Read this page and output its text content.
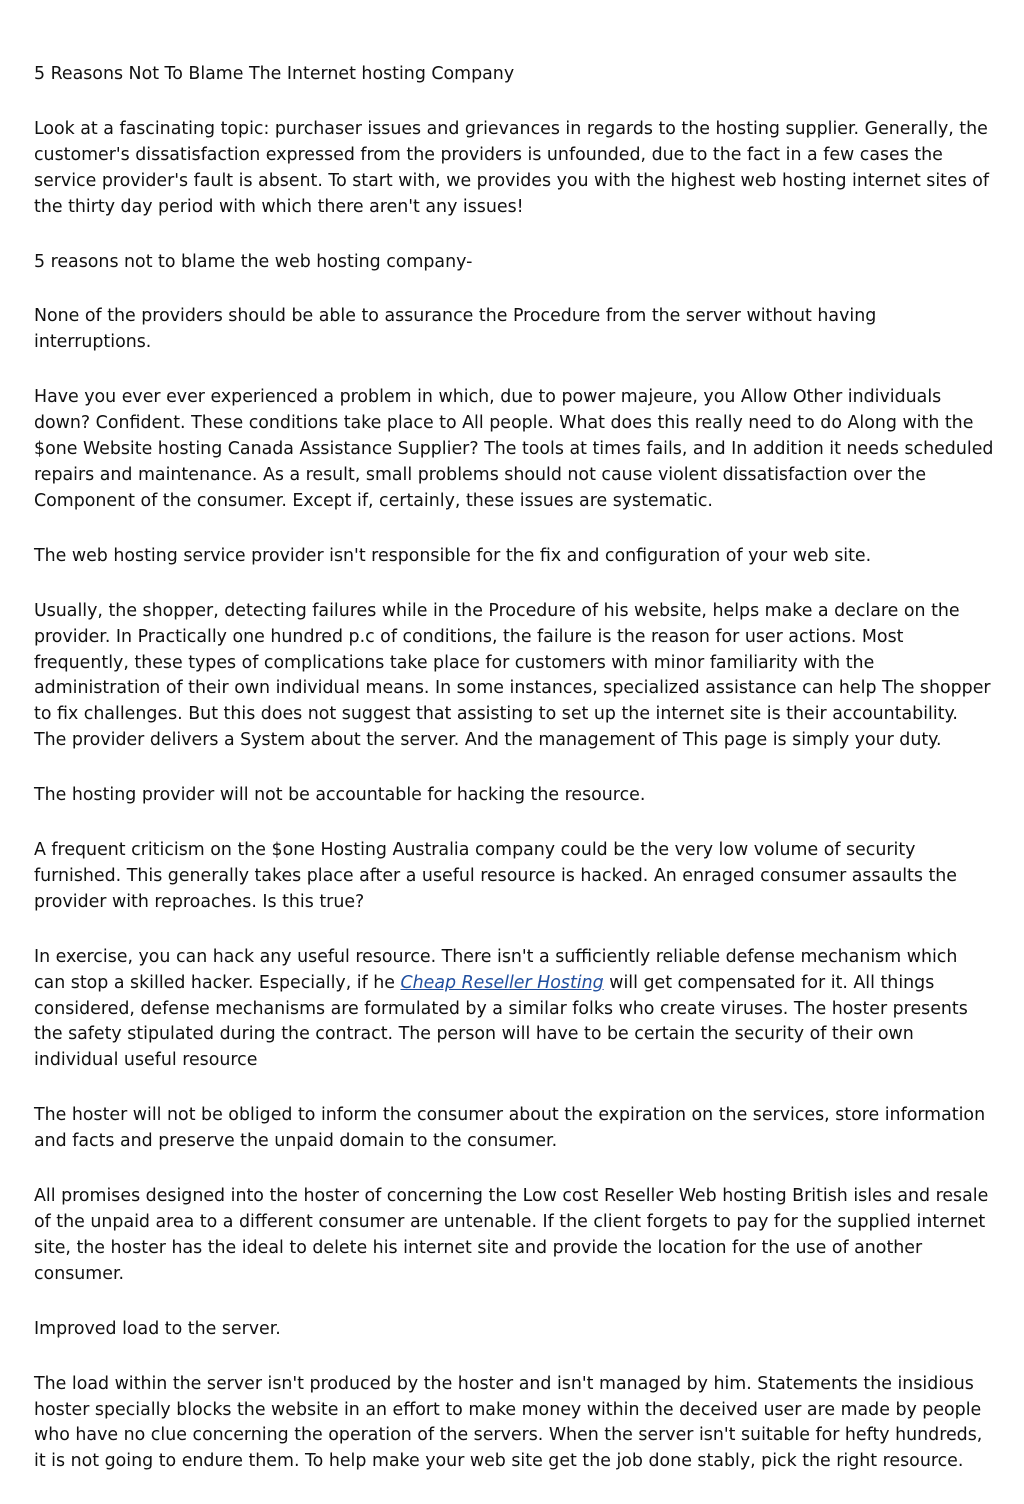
5 Reasons Not To Blame The Internet hosting Company

Look at a fascinating topic: purchaser issues and grievances in regards to the hosting supplier. Generally, the customer's dissatisfaction expressed from the providers is unfounded, due to the fact in a few cases the service provider's fault is absent. To start with, we provides you with the highest web hosting internet sites of the thirty day period with which there aren't any issues!

5 reasons not to blame the web hosting company-

None of the providers should be able to assurance the Procedure from the server without having interruptions.

Have you ever ever experienced a problem in which, due to power majeure, you Allow Other individuals down? Confident. These conditions take place to All people. What does this really need to do Along with the $one Website hosting Canada Assistance Supplier? The tools at times fails, and In addition it needs scheduled repairs and maintenance. As a result, small problems should not cause violent dissatisfaction over the Component of the consumer. Except if, certainly, these issues are systematic.

The web hosting service provider isn't responsible for the fix and configuration of your web site.

Usually, the shopper, detecting failures while in the Procedure of his website, helps make a declare on the provider. In Practically one hundred p.c of conditions, the failure is the reason for user actions. Most frequently, these types of complications take place for customers with minor familiarity with the administration of their own individual means. In some instances, specialized assistance can help The shopper to fix challenges. But this does not suggest that assisting to set up the internet site is their accountability. The provider delivers a System about the server. And the management of This page is simply your duty.

The hosting provider will not be accountable for hacking the resource.

A frequent criticism on the $one Hosting Australia company could be the very low volume of security furnished. This generally takes place after a useful resource is hacked. An enraged consumer assaults the provider with reproaches. Is this true?

In exercise, you can hack any useful resource. There isn't a sufficiently reliable defense mechanism which can stop a skilled hacker. Especially, if he Cheap Reseller Hosting will get compensated for it. All things considered, defense mechanisms are formulated by a similar folks who create viruses. The hoster presents the safety stipulated during the contract. The person will have to be certain the security of their own individual useful resource

The hoster will not be obliged to inform the consumer about the expiration on the services, store information and facts and preserve the unpaid domain to the consumer.

All promises designed into the hoster of concerning the Low cost Reseller Web hosting British isles and resale of the unpaid area to a different consumer are untenable. If the client forgets to pay for the supplied internet site, the hoster has the ideal to delete his internet site and provide the location for the use of another consumer.

Improved load to the server.

The load within the server isn't produced by the hoster and isn't managed by him. Statements the insidious hoster specially blocks the website in an effort to make money within the deceived user are made by people who have no clue concerning the operation of the servers. When the server isn't suitable for hefty hundreds, it is not going to endure them. To help make your web site get the job done stably, pick the right resource.
